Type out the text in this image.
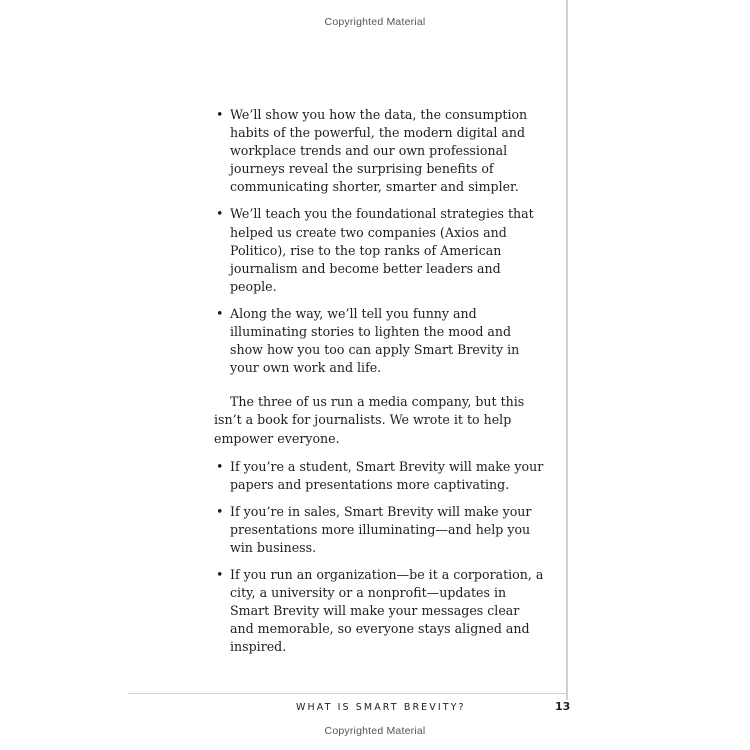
Copyrighted Material
• We’ll show you how the data, the consumption habits of the powerful, the modern digital and workplace trends and our own professional journeys reveal the surprising benefits of communicating shorter, smarter and simpler.
• We’ll teach you the foundational strategies that helped us create two companies (Axios and Politico), rise to the top ranks of American journalism and become better leaders and people.
• Along the way, we’ll tell you funny and illuminating stories to lighten the mood and show how you too can apply Smart Brevity in your own work and life.

The three of us run a media company, but this isn’t a book for journalists. We wrote it to help empower everyone.

• If you’re a student, Smart Brevity will make your papers and presentations more captivating.
• If you’re in sales, Smart Brevity will make your presentations more illuminating—and help you win business.
• If you run an organization—be it a corporation, a city, a university or a nonprofit—updates in Smart Brevity will make your messages clear and memorable, so everyone stays aligned and inspired.
WHAT IS SMART BREVITY?	13
Copyrighted Material
